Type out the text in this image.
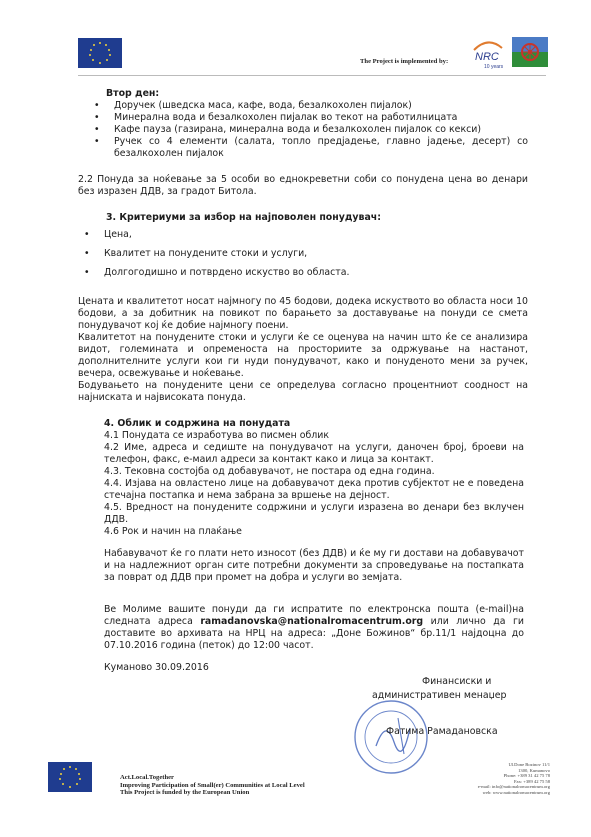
The Project is implemented by: NRC
10 years
Втор ден:
• Доручек (шведска маса, кафе, вода, безалкохолен пијалок)
• Минерална вода и безалкохолен пијалак во текот на работилницата
• Кафе пауза (газирана, минерална вода и безалкохолен пијалок со кекси)
• Ручек со 4 елементи (салата, топло предјадење, главно јадење, десерт) со безалкохолен пијалок
2.2 Понуда за ноќевање за 5 особи во еднокреветни соби со понудена цена во денари без изразен ДДВ, за градот Битола.
3. Критериуми за избор на најповолен понудувач:
• Цена,
• Квалитет на понудените стоки и услуги,
• Долгогодишно и потврдено искуство во областа.
Цената и квалитетот носат најмногу по 45 бодови, додека искуството во областа носи 10 бодови, а за добитник на повикот по барањето за доставување на понуди се смета понудувачот кој ќе добие најмногу поени.
Квалитетот на понудените стоки и услуги ќе се оценува на начин што ќе се анализира видот, големината и опременоста на просториите за одржување на настанот, дополнителните услуги кои ги нуди понудувачот, како и понуденото мени за ручек, вечера, освежување и ноќевање.
Бодувањето на понудените цени се определува согласно процентниот соодност на најниската и највисоката понуда.
4. Облик и содржина на понудата
4.1 Понудата се изработува во писмен облик
4.2 Име, адреса и седиште на понудувачот на услуги, даночен број, броеви на телефон, факс, е-маил адреси за контакт како и лица за контакт.
4.3. Тековна состојба од добавувачот, не постара од една година.
4.4. Изјава на овластено лице на добавувачот дека против субјектот не е поведена стечајна постапка и нема забрана за вршење на дејност.
4.5. Вредност на понудените содржини и услуги изразена во денари без вклучен ДДВ.
4.6 Рок и начин на плаќање
Набавувачот ќе го плати нето износот (без ДДВ) и ќе му ги достави на добавувачот и на надлежниот орган сите потребни документи за спроведување на постапката за поврат од ДДВ при промет на добра и услуги во земјата.
Ве Молиме вашите понуди да ги испратите по електронска пошта (e-mail)на следната адреса ramadanovska@nationalromacentrum.org или лично да ги доставите во архивата на НРЦ на адреса: „Доне Божинов“ бр.11/1 најдоцна до 07.10.2016 година (петок) до 12:00 часот.
Куманово 30.09.2016
Финансиски и
административен менаџер
Фатима Рамадановска
Act.Local.Together
Improving Participation of Small(er) Communities at Local Level
This Project is funded by the European Union
Ul.Done Bozinov 11/1
1300, Kumanovo
Phone: +389 31 42 75 78
Fax: +389 42 75 58
e-mail: info@nationalromacentrum.org
web: www.nationalromacentrum.org
